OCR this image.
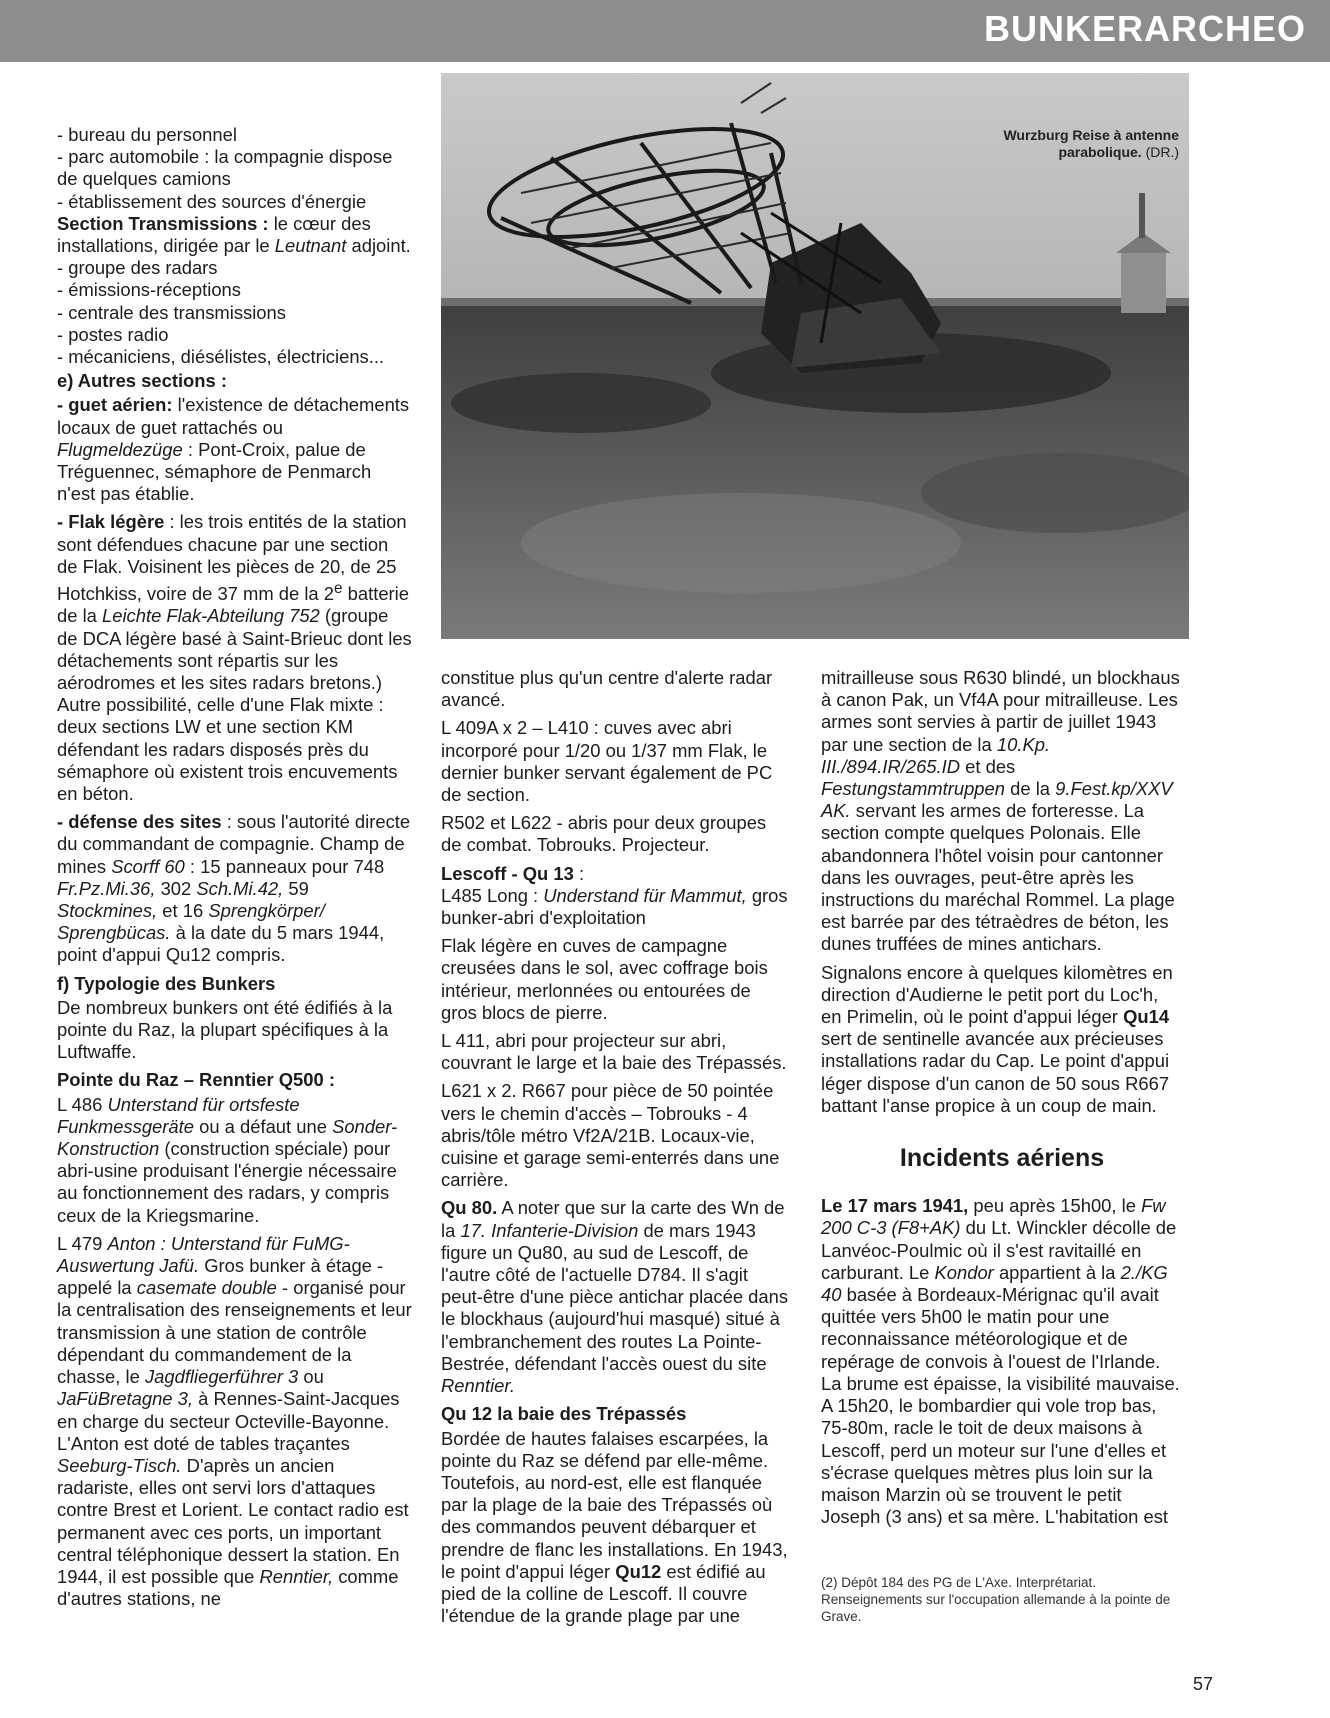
BUNKERARCHEO
Wurzburg Reise à antenne
parabolique. (DR.)

- bureau du personnel

- parc automobile : la compagnie dispose de quelques camions

- établissement des sources d'énergie

Section Transmissions : le cœur des installations, dirigée par le Leutnant adjoint.

- groupe des radars

- émissions-réceptions

- centrale des transmissions

- postes radio

- mécaniciens, diésélistes, électriciens...

e) Autres sections :

- guet aérien: l'existence de détachements locaux de guet rattachés ou Flugmeldezüge : Pont-Croix, palue de Tréguennec, sémaphore de Penmarch n'est pas établie.

- Flak légère : les trois entités de la station sont défendues chacune par une section de Flak. Voisinent les pièces de 20, de 25 Hotchkiss, voire de 37 mm de la 2e batterie de la Leichte Flak-Abteilung 752 (groupe de DCA légère basé à Saint-Brieuc dont les détachements sont répartis sur les aérodromes et les sites radars bretons.) Autre possibilité, celle d'une Flak mixte : deux sections LW et une section KM défendant les radars disposés près du sémaphore où existent trois encuvements en béton.

- défense des sites : sous l'autorité directe du commandant de compagnie. Champ de mines Scorff 60 : 15 panneaux pour 748 Fr.Pz.Mi.36, 302 Sch.Mi.42, 59 Stockmines, et 16 Sprengkörper/ Sprengbücas. à la date du 5 mars 1944, point d'appui Qu12 compris.

f) Typologie des Bunkers

De nombreux bunkers ont été édifiés à la pointe du Raz, la plupart spécifiques à la Luftwaffe.

Pointe du Raz – Renntier Q500 :

L 486 Unterstand für ortsfeste Funkmessgeräte ou a défaut une Sonder-Konstruction (construction spéciale) pour abri-usine produisant l'énergie nécessaire au fonctionnement des radars, y compris ceux de la Kriegsmarine.

L 479 Anton : Unterstand für FuMG-Auswertung Jafü. Gros bunker à étage - appelé la casemate double - organisé pour la centralisation des renseignements et leur transmission à une station de contrôle dépendant du commandement de la chasse, le Jagdfliegerführer 3 ou JaFüBretagne 3, à Rennes-Saint-Jacques en charge du secteur Octeville-Bayonne. L'Anton est doté de tables traçantes Seeburg-Tisch. D'après un ancien radariste, elles ont servi lors d'attaques contre Brest et Lorient. Le contact radio est permanent avec ces ports, un important central téléphonique dessert la station. En 1944, il est possible que Renntier, comme d'autres stations, ne

constitue plus qu'un centre d'alerte radar avancé.

L 409A x 2 – L410 : cuves avec abri incorporé pour 1/20 ou 1/37 mm Flak, le dernier bunker servant également de PC de section.

R502 et L622 - abris pour deux groupes de combat. Tobrouks. Projecteur.

Lescoff - Qu 13 :

L485 Long : Understand für Mammut, gros bunker-abri d'exploitation

Flak légère en cuves de campagne creusées dans le sol, avec coffrage bois intérieur, merlonnées ou entourées de gros blocs de pierre.

L 411, abri pour projecteur sur abri, couvrant le large et la baie des Trépassés.

L621 x 2. R667 pour pièce de 50 pointée vers le chemin d'accès – Tobrouks - 4 abris/tôle métro Vf2A/21B. Locaux-vie, cuisine et garage semi-enterrés dans une carrière.

Qu 80. A noter que sur la carte des Wn de la 17. Infanterie-Division de mars 1943 figure un Qu80, au sud de Lescoff, de l'autre côté de l'actuelle D784. Il s'agit peut-être d'une pièce antichar placée dans le blockhaus (aujourd'hui masqué) situé à l'embranchement des routes La Pointe-Bestrée, défendant l'accès ouest du site Renntier.

Qu 12 la baie des Trépassés

Bordée de hautes falaises escarpées, la pointe du Raz se défend par elle-même. Toutefois, au nord-est, elle est flanquée par la plage de la baie des Trépassés où des commandos peuvent débarquer et prendre de flanc les installations. En 1943, le point d'appui léger Qu12 est édifié au pied de la colline de Lescoff. Il couvre l'étendue de la grande plage par une

mitrailleuse sous R630 blindé, un blockhaus à canon Pak, un Vf4A pour mitrailleuse. Les armes sont servies à partir de juillet 1943 par une section de la 10.Kp. III./894.IR/265.ID et des Festungstammtruppen de la 9.Fest.kp/XXV AK. servant les armes de forteresse. La section compte quelques Polonais. Elle abandonnera l'hôtel voisin pour cantonner dans les ouvrages, peut-être après les instructions du maréchal Rommel. La plage est barrée par des tétraèdres de béton, les dunes truffées de mines antichars.

Signalons encore à quelques kilomètres en direction d'Audierne le petit port du Loc'h, en Primelin, où le point d'appui léger Qu14 sert de sentinelle avancée aux précieuses installations radar du Cap. Le point d'appui léger dispose d'un canon de 50 sous R667 battant l'anse propice à un coup de main.

Incidents aériens

Le 17 mars 1941, peu après 15h00, le Fw 200 C-3 (F8+AK) du Lt. Winckler décolle de Lanvéoc-Poulmic où il s'est ravitaillé en carburant. Le Kondor appartient à la 2./KG 40 basée à Bordeaux-Mérignac qu'il avait quittée vers 5h00 le matin pour une reconnaissance météorologique et de repérage de convois à l'ouest de l'Irlande. La brume est épaisse, la visibilité mauvaise. A 15h20, le bombardier qui vole trop bas, 75-80m, racle le toit de deux maisons à Lescoff, perd un moteur sur l'une d'elles et s'écrase quelques mètres plus loin sur la maison Marzin où se trouvent le petit Joseph (3 ans) et sa mère. L'habitation est

(2) Dépôt 184 des PG de L'Axe. Interprétariat. Renseignements sur l'occupation allemande à la pointe de Grave.
57
